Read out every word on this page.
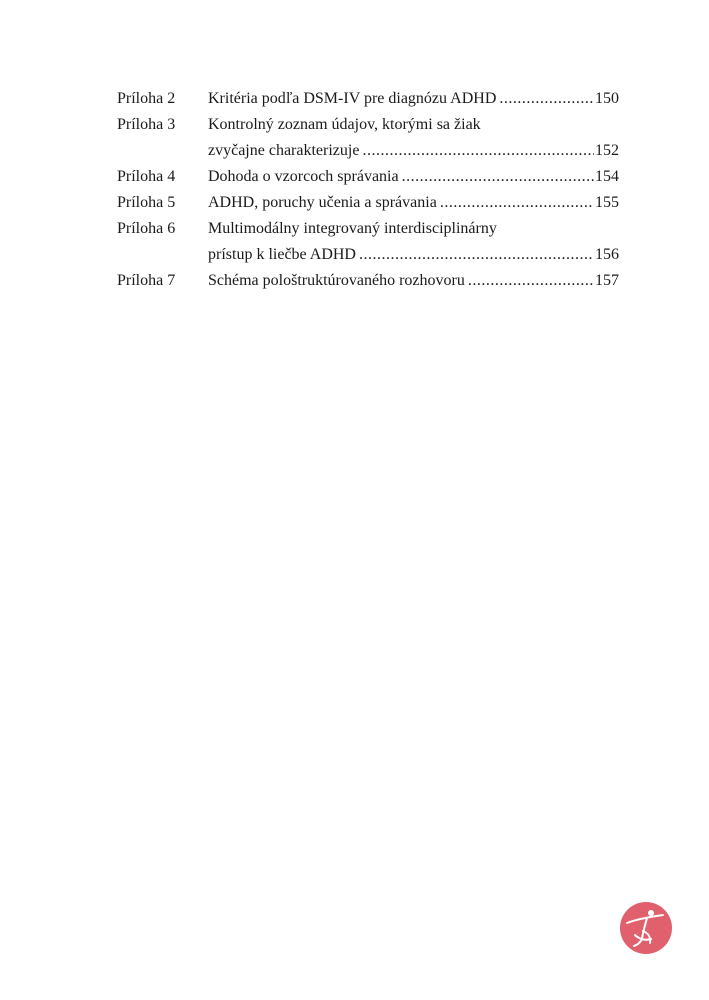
Príloha 2	Kritéria podľa DSM-IV pre diagnózu ADHD .....	150
Príloha 3	Kontrolný zoznam údajov, ktorými sa žiak
zvyčajne charakterizuje .....	152
Príloha 4	Dohoda o vzorcoch správania .....	154
Príloha 5	ADHD, poruchy učenia a správania .....	155
Príloha 6	Multimodálny integrovaný interdisciplinárny
prístup k liečbe ADHD .....	156
Príloha 7	Schéma pološtruktúrovaného rozhovoru .....	157
